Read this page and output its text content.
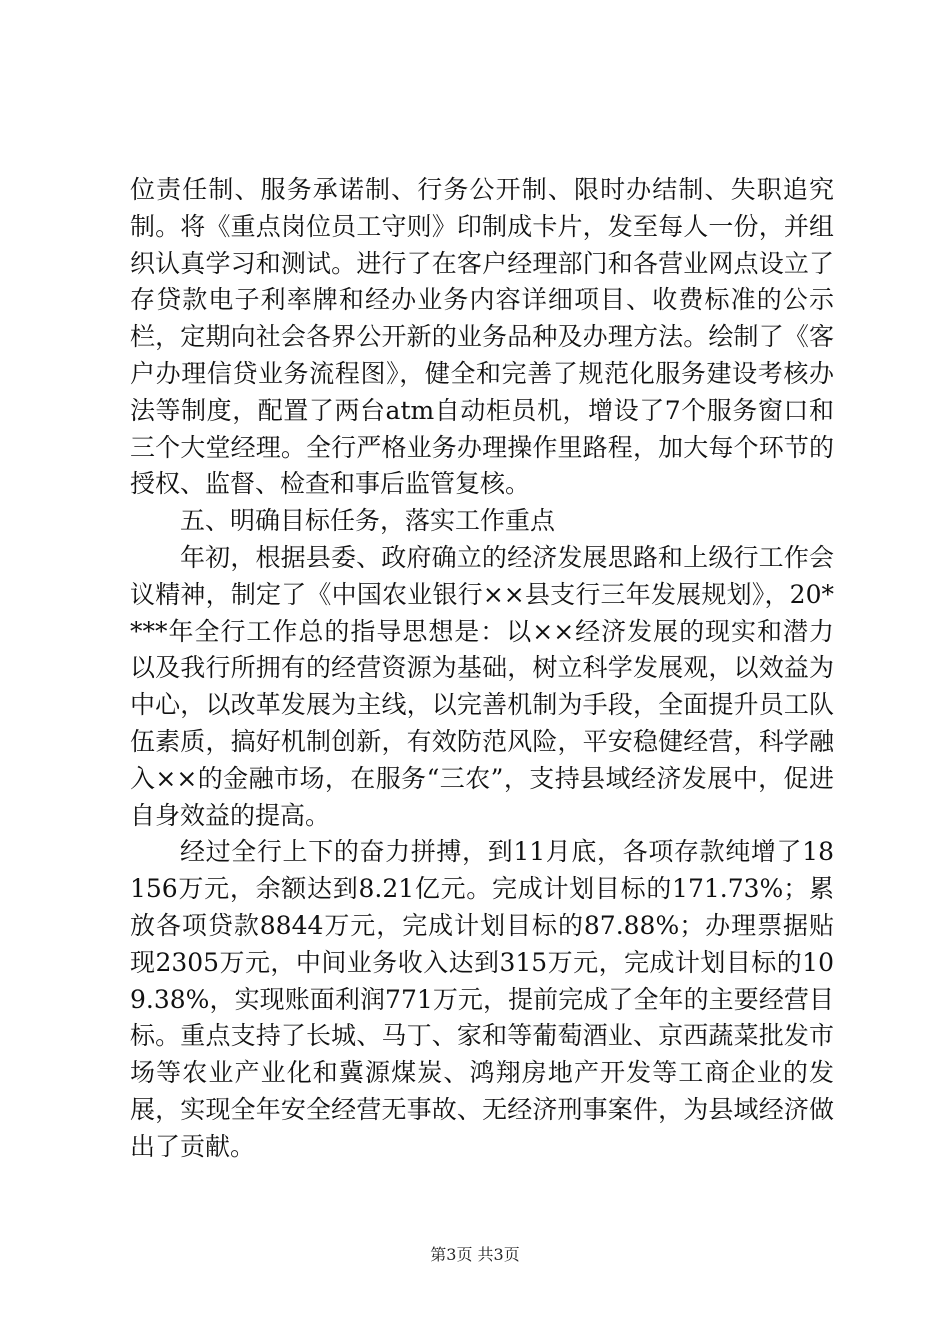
位责任制、服务承诺制、行务公开制、限时办结制、失职追究制。将《重点岗位员工守则》印制成卡片，发至每人一份，并组织认真学习和测试。进行了在客户经理部门和各营业网点设立了存贷款电子利率牌和经办业务内容详细项目、收费标准的公示栏，定期向社会各界公开新的业务品种及办理方法。绘制了《客户办理信贷业务流程图》，健全和完善了规范化服务建设考核办法等制度，配置了两台atm自动柜员机，增设了7个服务窗口和三个大堂经理。全行严格业务办理操作里路程，加大每个环节的授权、监督、检查和事后监管复核。

五、明确目标任务，落实工作重点

年初，根据县委、政府确立的经济发展思路和上级行工作会议精神，制定了《中国农业银行××县支行三年发展规划》，20****年全行工作总的指导思想是：以××经济发展的现实和潜力以及我行所拥有的经营资源为基础，树立科学发展观，以效益为中心，以改革发展为主线，以完善机制为手段，全面提升员工队伍素质，搞好机制创新，有效防范风险，平安稳健经营，科学融入××的金融市场，在服务“三农”，支持县域经济发展中，促进自身效益的提高。

经过全行上下的奋力拼搏，到11月底，各项存款纯增了18156万元，余额达到8.21亿元。完成计划目标的171.73%；累放各项贷款8844万元，完成计划目标的87.88%；办理票据贴现2305万元，中间业务收入达到315万元，完成计划目标的109.38%，实现账面利润771万元，提前完成了全年的主要经营目标。重点支持了长城、马丁、家和等葡萄酒业、京西蔬菜批发市场等农业产业化和冀源煤炭、鸿翔房地产开发等工商企业的发展，实现全年安全经营无事故、无经济刑事案件，为县域经济做出了贡献。

第3页 共3页
